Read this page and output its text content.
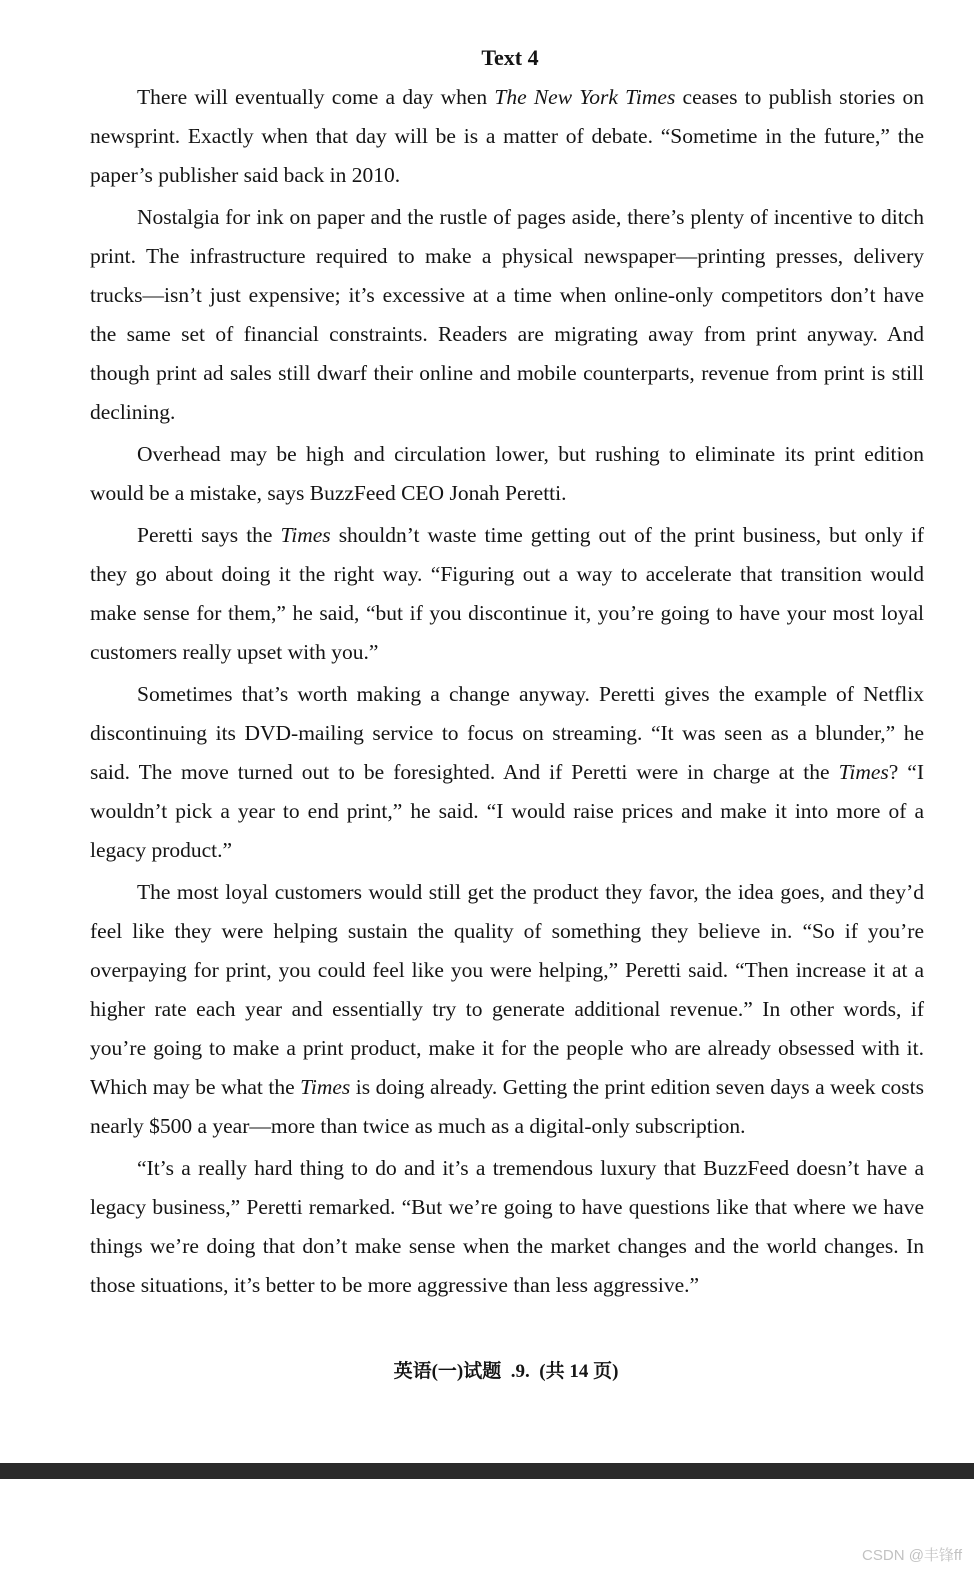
Text 4

There will eventually come a day when The New York Times ceases to publish stories on newsprint. Exactly when that day will be is a matter of debate. “Sometime in the future,” the paper’s publisher said back in 2010.

Nostalgia for ink on paper and the rustle of pages aside, there’s plenty of incentive to ditch print. The infrastructure required to make a physical newspaper—printing presses, delivery trucks—isn’t just expensive; it’s excessive at a time when online-only competitors don’t have the same set of financial constraints. Readers are migrating away from print anyway. And though print ad sales still dwarf their online and mobile counterparts, revenue from print is still declining.

Overhead may be high and circulation lower, but rushing to eliminate its print edition would be a mistake, says BuzzFeed CEO Jonah Peretti.

Peretti says the Times shouldn’t waste time getting out of the print business, but only if they go about doing it the right way. “Figuring out a way to accelerate that transition would make sense for them,” he said, “but if you discontinue it, you’re going to have your most loyal customers really upset with you.”

Sometimes that’s worth making a change anyway. Peretti gives the example of Netflix discontinuing its DVD-mailing service to focus on streaming. “It was seen as a blunder,” he said. The move turned out to be foresighted. And if Peretti were in charge at the Times? “I wouldn’t pick a year to end print,” he said. “I would raise prices and make it into more of a legacy product.”

The most loyal customers would still get the product they favor, the idea goes, and they’d feel like they were helping sustain the quality of something they believe in. “So if you’re overpaying for print, you could feel like you were helping,” Peretti said. “Then increase it at a higher rate each year and essentially try to generate additional revenue.” In other words, if you’re going to make a print product, make it for the people who are already obsessed with it. Which may be what the Times is doing already. Getting the print edition seven days a week costs nearly $500 a year—more than twice as much as a digital-only subscription.

“It’s a really hard thing to do and it’s a tremendous luxury that BuzzFeed doesn’t have a legacy business,” Peretti remarked. “But we’re going to have questions like that where we have things we’re doing that don’t make sense when the market changes and the world changes. In those situations, it’s better to be more aggressive than less aggressive.”

英语(一)试题  .9.  (共 14 页)
CSDN @丰锋ff
